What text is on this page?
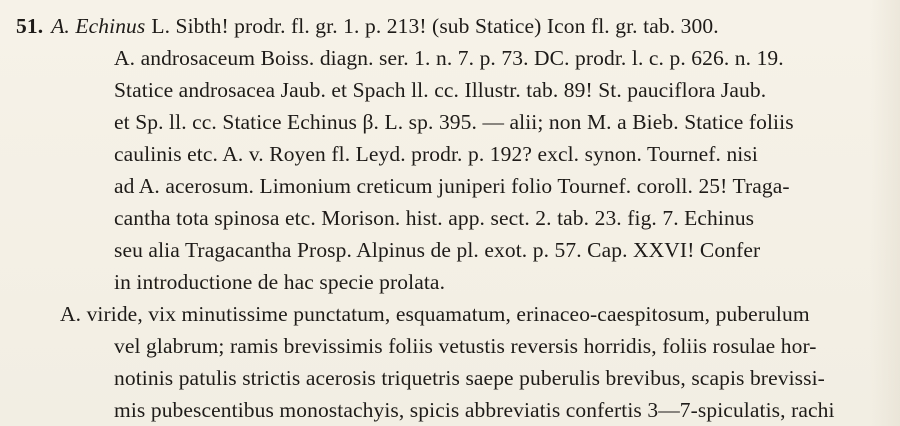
51. A. Echinus L. Sibth! prodr. fl. gr. 1. p. 213! (sub Statice) Icon fl. gr. tab. 300.
A. androsaceum Boiss. diagn. ser. 1. n. 7. p. 73. DC. prodr. l. c. p. 626. n. 19.
Statice androsacea Jaub. et Spach ll. cc. Illustr. tab. 89! St. pauciflora Jaub.
et Sp. ll. cc. Statice Echinus β. L. sp. 395. — alii; non M. a Bieb. Statice foliis
caulinis etc. A. v. Royen fl. Leyd. prodr. p. 192? excl. synon. Tournef. nisi
ad A. acerosum. Limonium creticum juniperi folio Tournef. coroll. 25! Traga-
cantha tota spinosa etc. Morison. hist. app. sect. 2. tab. 23. fig. 7. Echinus
seu alia Tragacantha Prosp. Alpinus de pl. exot. p. 57. Cap. XXVI! Confer
in introductione de hac specie prolata.
A. viride, vix minutissime punctatum, esquamatum, erinaceo-caespitosum, puberulum
vel glabrum; ramis brevissimis foliis vetustis reversis horridis, foliis rosulae hor-
notinis patulis strictis acerosis triquetris saepe puberulis brevibus, scapis brevissi-
mis pubescentibus monostachyis, spicis abbreviatis confertis 3—7-spiculatis, rachi
